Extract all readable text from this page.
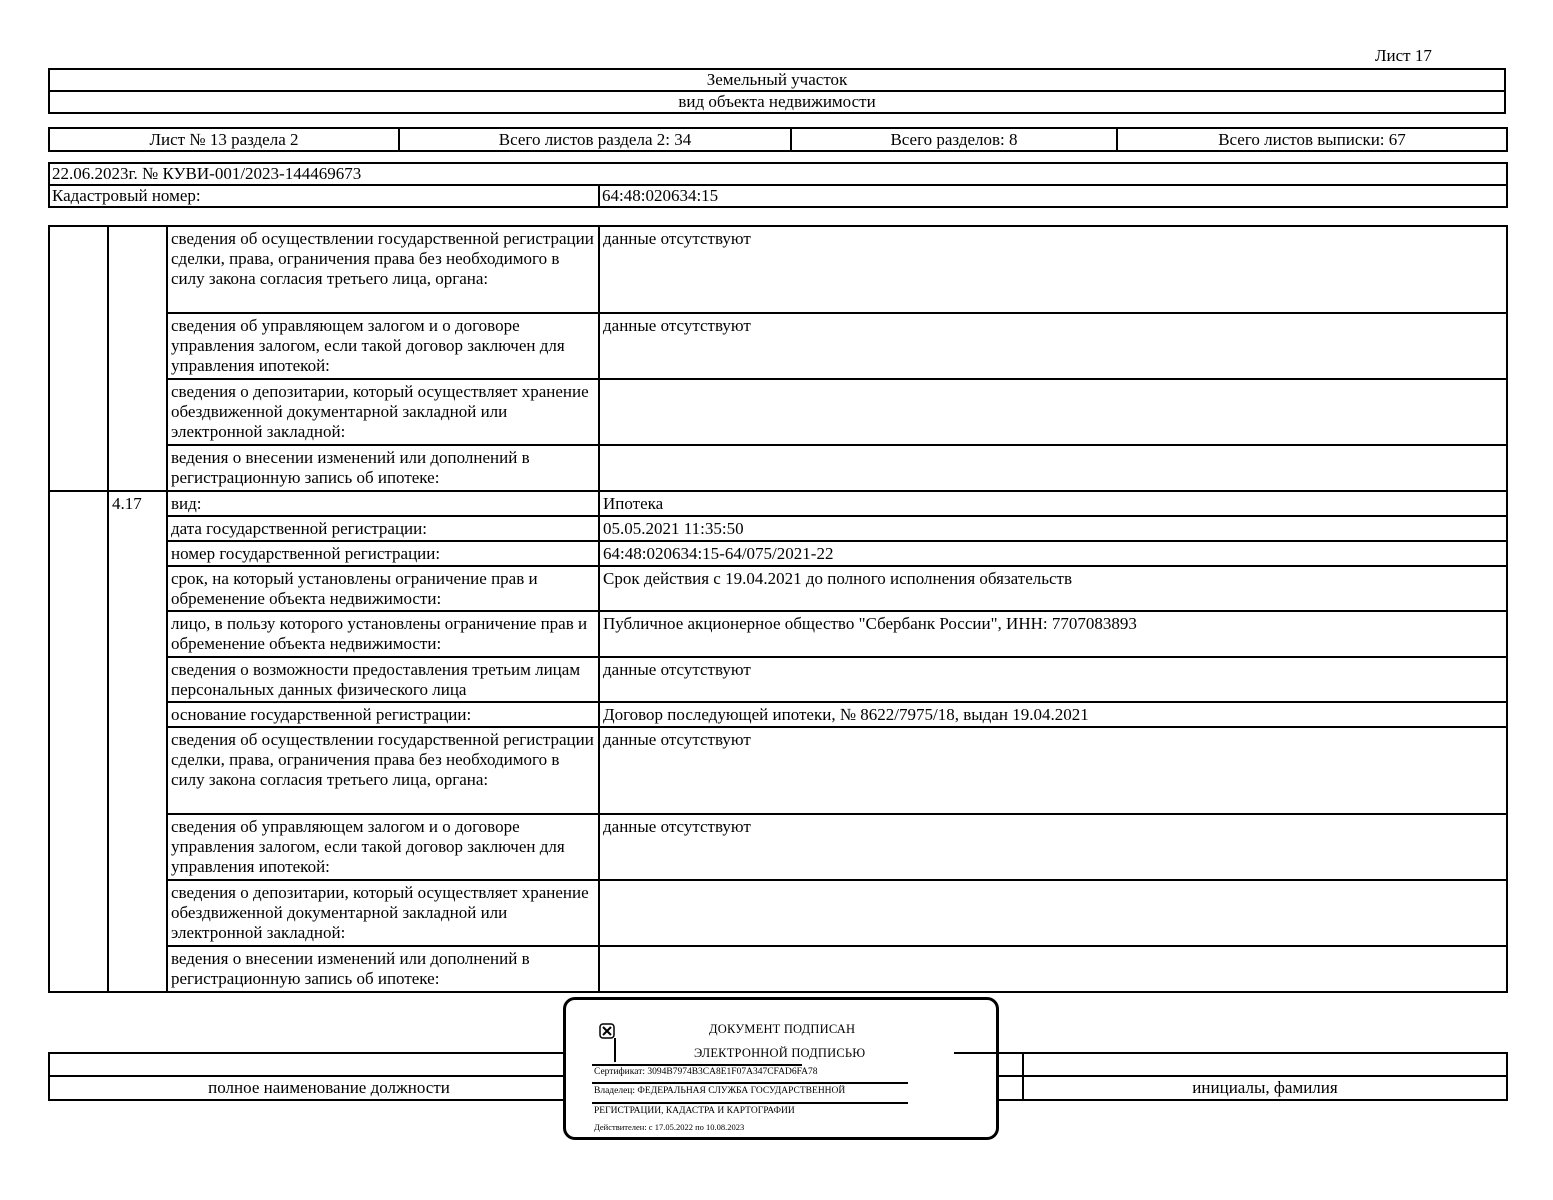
Лист 17
Земельный участок
вид объекта недвижимости
Лист № 13 раздела 2	Всего листов раздела 2: 34	Всего разделов: 8	Всего листов выписки: 67
22.06.2023г. № КУВИ-001/2023-144469673
Кадастровый номер:	64:48:020634:15
		сведения об осуществлении государственной регистрации сделки, права, ограничения права без необходимого в силу закона согласия третьего лица, органа:	данные отсутствуют
		сведения об управляющем залогом и о договоре управления залогом, если такой договор заключен для управления ипотекой:	данные отсутствуют
		сведения о депозитарии, который осуществляет хранение обездвиженной документарной закладной или электронной закладной:	
		ведения о внесении изменений или дополнений в регистрационную запись об ипотеке:	
	4.17	вид:	Ипотека
		дата государственной регистрации:	05.05.2021 11:35:50
		номер государственной регистрации:	64:48:020634:15-64/075/2021-22
		срок, на который установлены ограничение прав и обременение объекта недвижимости:	Срок действия с 19.04.2021 до полного исполнения обязательств
		лицо, в пользу которого установлены ограничение прав и обременение объекта недвижимости:	Публичное акционерное общество "Сбербанк России", ИНН: 7707083893
		сведения о возможности предоставления третьим лицам персональных данных физического лица	данные отсутствуют
		основание государственной регистрации:	Договор последующей ипотеки, № 8622/7975/18, выдан 19.04.2021
		сведения об осуществлении государственной регистрации сделки, права, ограничения права без необходимого в силу закона согласия третьего лица, органа:	данные отсутствуют
		сведения об управляющем залогом и о договоре управления залогом, если такой договор заключен для управления ипотекой:	данные отсутствуют
		сведения о депозитарии, который осуществляет хранение обездвиженной документарной закладной или электронной закладной:	
		ведения о внесении изменений или дополнений в регистрационную запись об ипотеке:	

полное наименование должности		инициалы, фамилия
ДОКУМЕНТ ПОДПИСАН
ЭЛЕКТРОННОЙ ПОДПИСЬЮ
Сертификат: 3094B7974B3CA8E1F07A347CFAD6FA78
Владелец: ФЕДЕРАЛЬНАЯ СЛУЖБА ГОСУДАРСТВЕННОЙ
РЕГИСТРАЦИИ, КАДАСТРА И КАРТОГРАФИИ
Действителен: с 17.05.2022 по 10.08.2023
